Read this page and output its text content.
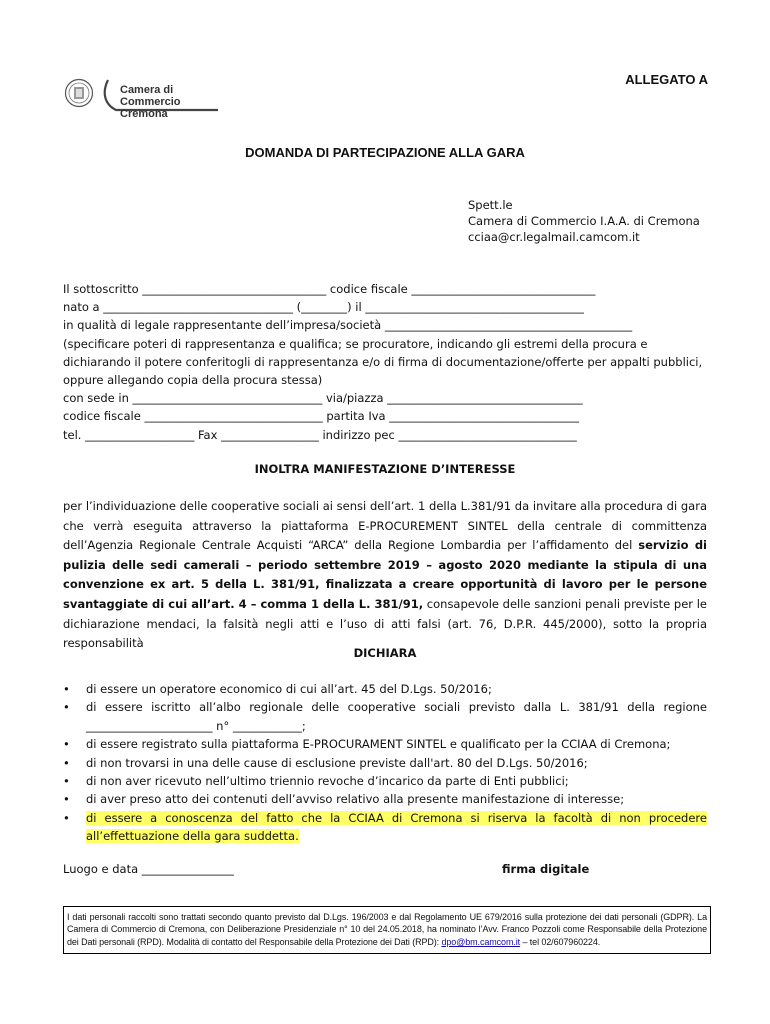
Camera di Commercio
Cremona
ALLEGATO A
DOMANDA DI PARTECIPAZIONE ALLA GARA
Spett.le
Camera di Commercio I.A.A. di Cremona
cciaa@cr.legalmail.camcom.it
Il sottoscritto ________________________________ codice fiscale ________________________________
nato a _________________________________ (________) il ______________________________________
in qualità di legale rappresentante dell’impresa/società ___________________________________________
(specificare poteri di rappresentanza e qualifica; se procuratore, indicando gli estremi della procura e
dichiarando il potere conferitogli di rappresentanza e/o di firma di documentazione/offerte per appalti pubblici,
oppure allegando copia della procura stessa)
con sede in _________________________________ via/piazza __________________________________
codice fiscale _______________________________ partita Iva _________________________________
tel. ___________________ Fax _________________ indirizzo pec _______________________________
INOLTRA MANIFESTAZIONE D’INTERESSE

per l’individuazione delle cooperative sociali ai sensi dell’art. 1 della L.381/91 da invitare alla procedura di gara che verrà eseguita attraverso la piattaforma E-PROCUREMENT SINTEL della centrale di committenza dell’Agenzia Regionale Centrale Acquisti “ARCA” della Regione Lombardia per l’affidamento del servizio di pulizia delle sedi camerali – periodo settembre 2019 – agosto 2020 mediante la stipula di una convenzione ex art. 5 della L. 381/91, finalizzata a creare opportunità di lavoro per le persone svantaggiate di cui all’art. 4 – comma 1 della L. 381/91, consapevole delle sanzioni penali previste per le dichiarazione mendaci, la falsità negli atti e l’uso di atti falsi (art. 76, D.P.R. 445/2000), sotto la propria responsabilità

DICHIARA
• di essere un operatore economico di cui all’art. 45 del D.Lgs. 50/2016;
• di essere iscritto all’albo regionale delle cooperative sociali previsto dalla L. 381/91 della regione ______________________ n° ____________;
• di essere registrato sulla piattaforma E-PROCURAMENT SINTEL e qualificato per la CCIAA di Cremona;
• di non trovarsi in una delle cause di esclusione previste dall'art. 80 del D.Lgs. 50/2016;
• di non aver ricevuto nell’ultimo triennio revoche d’incarico da parte di Enti pubblici;
• di aver preso atto dei contenuti dell’avviso relativo alla presente manifestazione di interesse;
• di essere a conoscenza del fatto che la CCIAA di Cremona si riserva la facoltà di non procedere all’effettuazione della gara suddetta.
Luogo e data ________________	firma digitale
I dati personali raccolti sono trattati secondo quanto previsto dal D.Lgs. 196/2003 e dal Regolamento UE 679/2016 sulla protezione dei dati personali (GDPR). La Camera di Commercio di Cremona, con Deliberazione Presidenziale n° 10 del 24.05.2018, ha nominato l’Avv. Franco Pozzoli come Responsabile della Protezione dei Dati personali (RPD). Modalità di contatto del Responsabile della Protezione dei Dati (RPD): dpo@bm.camcom.it – tel 02/607960224.
